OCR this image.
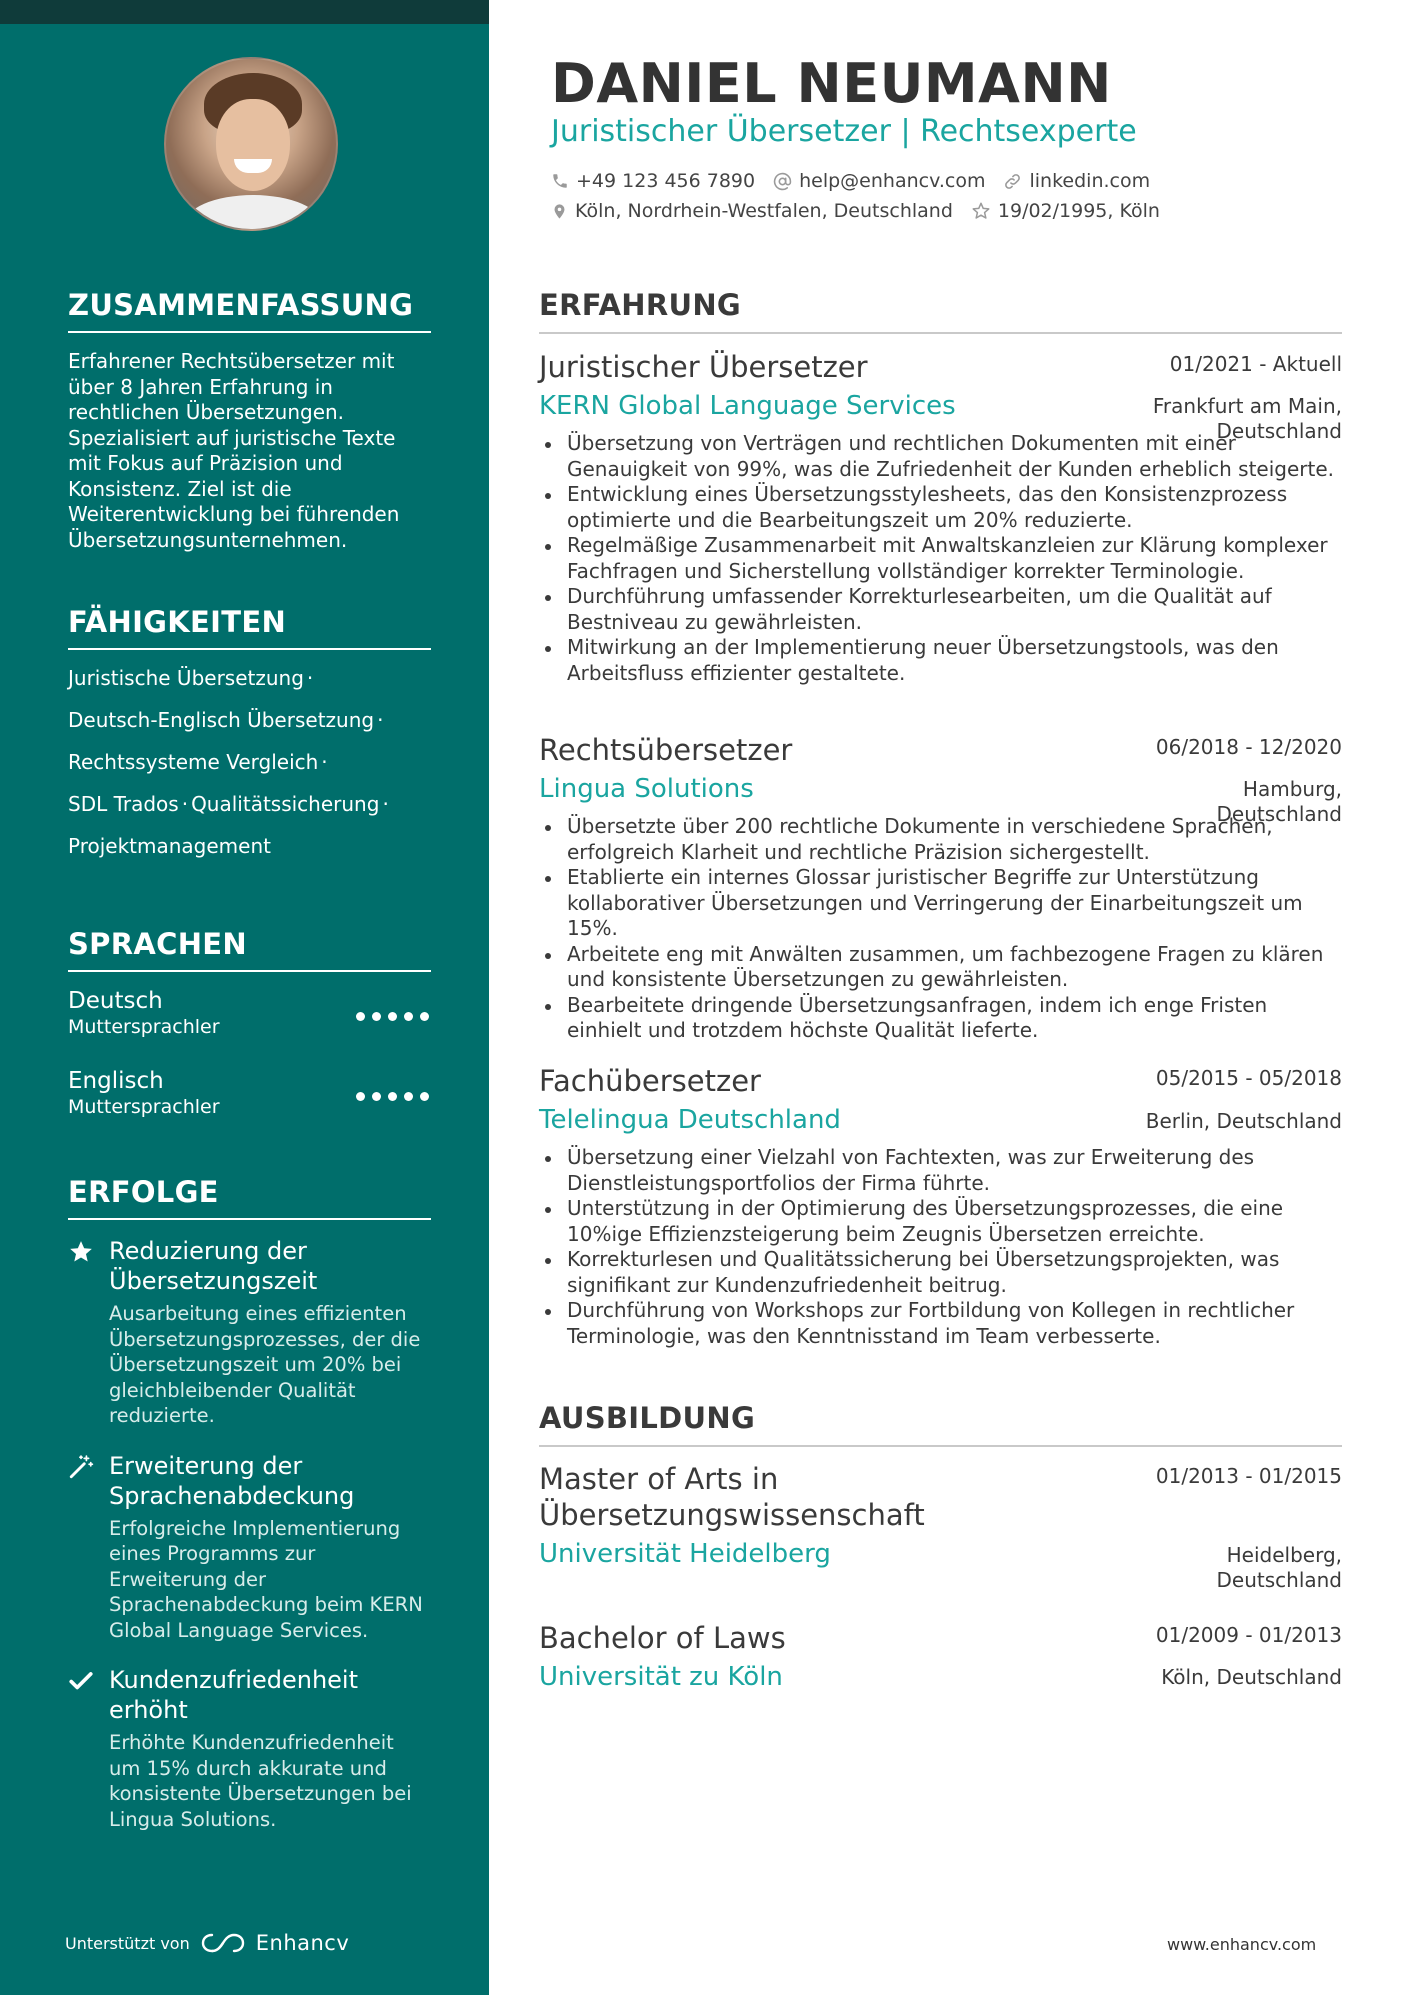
ZUSAMMENFASSUNG

Erfahrener Rechtsübersetzer mit über 8 Jahren Erfahrung in rechtlichen Übersetzungen. Spezialisiert auf juristische Texte mit Fokus auf Präzision und Konsistenz. Ziel ist die Weiterentwicklung bei führenden Übersetzungsunternehmen.

FÄHIGKEITEN
Juristische Übersetzung ·
Deutsch-Englisch Übersetzung ·
Rechtssysteme Vergleich ·
SDL Trados · Qualitätssicherung ·
Projektmanagement
SPRACHEN
Deutsch
Muttersprachler
Englisch
Muttersprachler
ERFOLGE
Reduzierung der Übersetzungszeit
Ausarbeitung eines effizienten Übersetzungsprozesses, der die Übersetzungszeit um 20% bei gleichbleibender Qualität reduzierte.
Erweiterung der Sprachenabdeckung
Erfolgreiche Implementierung eines Programms zur Erweiterung der Sprachenabdeckung beim KERN Global Language Services.
Kundenzufriedenheit erhöht
Erhöhte Kundenzufriedenheit um 15% durch akkurate und konsistente Übersetzungen bei Lingua Solutions.
Unterstützt von	Enhancv
DANIEL NEUMANN
Juristischer Übersetzer | Rechtsexperte
+49 123 456 7890 help@enhancv.com linkedin.com
Köln, Nordrhein-Westfalen, Deutschland 19/02/1995, Köln
ERFAHRUNG
Juristischer Übersetzer	01/2021 - Aktuell
KERN Global Language Services	Frankfurt am Main,
Deutschland
Übersetzung von Verträgen und rechtlichen Dokumenten mit einer Genauigkeit von 99%, was die Zufriedenheit der Kunden erheblich steigerte.
Entwicklung eines Übersetzungsstylesheets, das den Konsistenzprozess optimierte und die Bearbeitungszeit um 20% reduzierte.
Regelmäßige Zusammenarbeit mit Anwaltskanzleien zur Klärung komplexer Fachfragen und Sicherstellung vollständiger korrekter Terminologie.
Durchführung umfassender Korrekturlesearbeiten, um die Qualität auf Bestniveau zu gewährleisten.
Mitwirkung an der Implementierung neuer Übersetzungstools, was den Arbeitsfluss effizienter gestaltete.
Rechtsübersetzer	06/2018 - 12/2020
Lingua Solutions	Hamburg,
Deutschland
Übersetzte über 200 rechtliche Dokumente in verschiedene Sprachen, erfolgreich Klarheit und rechtliche Präzision sichergestellt.
Etablierte ein internes Glossar juristischer Begriffe zur Unterstützung kollaborativer Übersetzungen und Verringerung der Einarbeitungszeit um 15%.
Arbeitete eng mit Anwälten zusammen, um fachbezogene Fragen zu klären und konsistente Übersetzungen zu gewährleisten.
Bearbeitete dringende Übersetzungsanfragen, indem ich enge Fristen einhielt und trotzdem höchste Qualität lieferte.
Fachübersetzer	05/2015 - 05/2018
Telelingua Deutschland	Berlin, Deutschland
Übersetzung einer Vielzahl von Fachtexten, was zur Erweiterung des Dienstleistungsportfolios der Firma führte.
Unterstützung in der Optimierung des Übersetzungsprozesses, die eine 10%ige Effizienzsteigerung beim Zeugnis Übersetzen erreichte.
Korrekturlesen und Qualitätssicherung bei Übersetzungsprojekten, was signifikant zur Kundenzufriedenheit beitrug.
Durchführung von Workshops zur Fortbildung von Kollegen in rechtlicher Terminologie, was den Kenntnisstand im Team verbesserte.
AUSBILDUNG
Master of Arts in
Übersetzungswissenschaft
01/2013 - 01/2015
Universität Heidelberg	Heidelberg,
Deutschland
Bachelor of Laws	01/2009 - 01/2013
Universität zu Köln	Köln, Deutschland
www.enhancv.com
